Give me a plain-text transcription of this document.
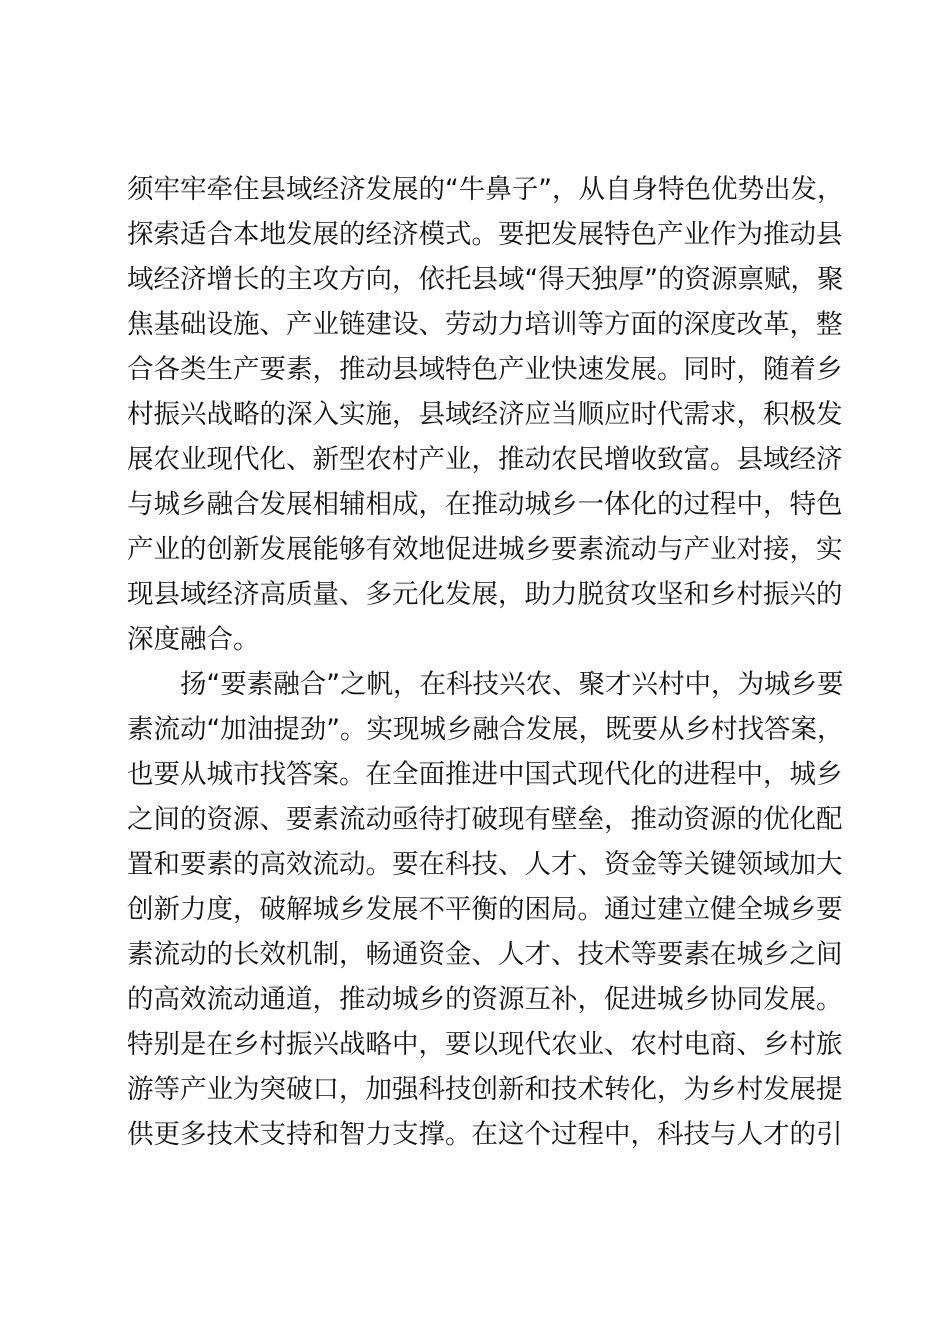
须牢牢牵住县域经济发展的“牛鼻子”，从自身特色优势出发，
探索适合本地发展的经济模式。要把发展特色产业作为推动县
域经济增长的主攻方向，依托县域“得天独厚”的资源禀赋，聚
焦基础设施、产业链建设、劳动力培训等方面的深度改革，整
合各类生产要素，推动县域特色产业快速发展。同时，随着乡
村振兴战略的深入实施，县域经济应当顺应时代需求，积极发
展农业现代化、新型农村产业，推动农民增收致富。县域经济
与城乡融合发展相辅相成，在推动城乡一体化的过程中，特色
产业的创新发展能够有效地促进城乡要素流动与产业对接，实
现县域经济高质量、多元化发展，助力脱贫攻坚和乡村振兴的
深度融合。
扬“要素融合”之帆，在科技兴农、聚才兴村中，为城乡要
素流动“加油提劲”。实现城乡融合发展，既要从乡村找答案，
也要从城市找答案。在全面推进中国式现代化的进程中，城乡
之间的资源、要素流动亟待打破现有壁垒，推动资源的优化配
置和要素的高效流动。要在科技、人才、资金等关键领域加大
创新力度，破解城乡发展不平衡的困局。通过建立健全城乡要
素流动的长效机制，畅通资金、人才、技术等要素在城乡之间
的高效流动通道，推动城乡的资源互补，促进城乡协同发展。
特别是在乡村振兴战略中，要以现代农业、农村电商、乡村旅
游等产业为突破口，加强科技创新和技术转化，为乡村发展提
供更多技术支持和智力支撑。在这个过程中，科技与人才的引
